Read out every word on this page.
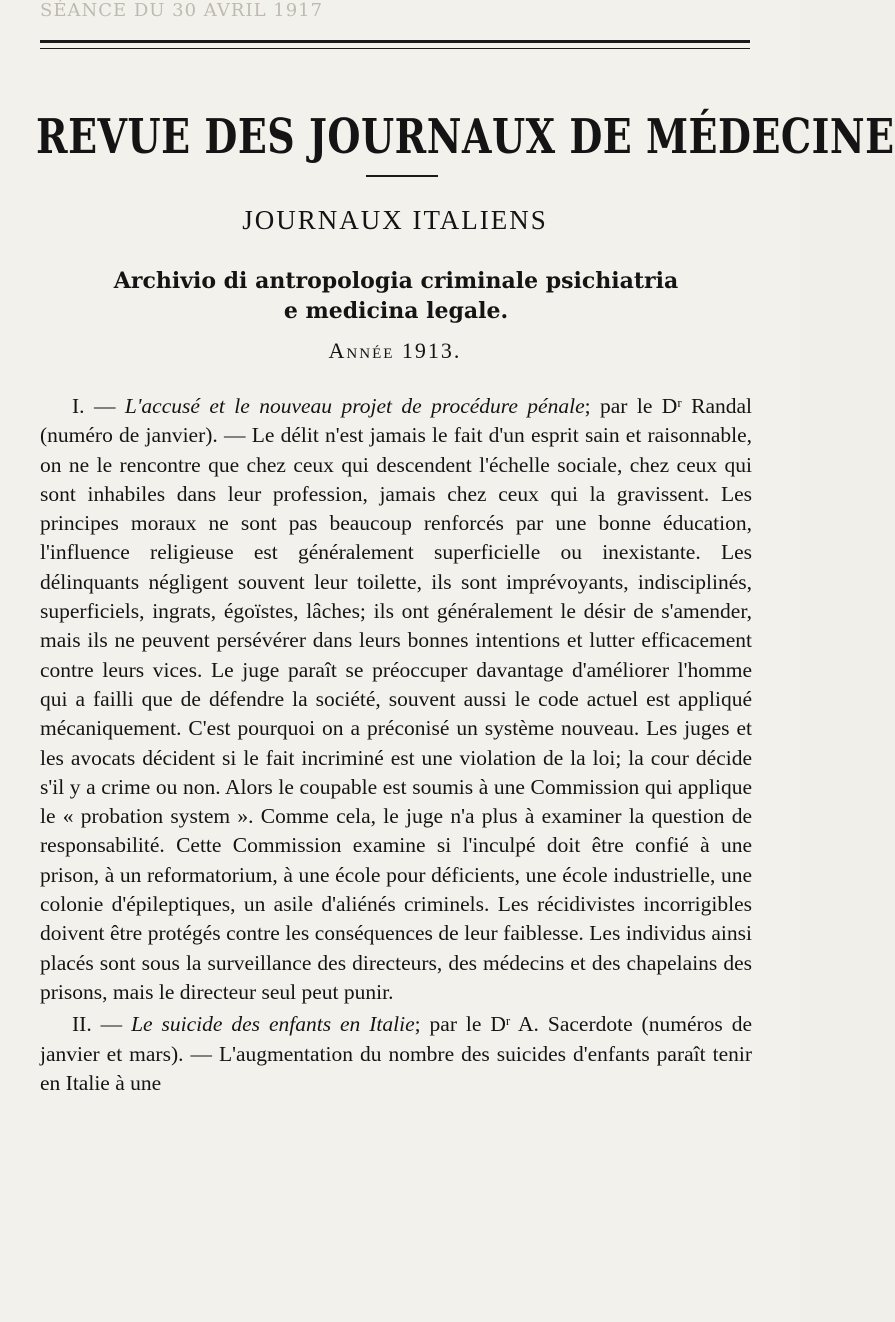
SÉANCE DU 30 AVRIL 1917
REVUE DES JOURNAUX DE MÉDECINE
JOURNAUX ITALIENS
Archivio di antropologia criminale psichiatria
e medicina legale.
Année 1913.

I. — L'accusé et le nouveau projet de procédure pénale; par le $D^r$ Randal (numéro de janvier). — Le délit n'est jamais le fait d'un esprit sain et raisonnable, on ne le rencontre que chez ceux qui descendent l'échelle sociale, chez ceux qui sont inhabiles dans leur profession, jamais chez ceux qui la gravissent. Les principes moraux ne sont pas beaucoup renforcés par une bonne éducation, l'influence religieuse est généralement superficielle ou inexistante. Les délinquants négligent souvent leur toilette, ils sont imprévoyants, indisciplinés, superficiels, ingrats, égoïstes, lâches; ils ont généralement le désir de s'amender, mais ils ne peuvent persévérer dans leurs bonnes intentions et lutter efficacement contre leurs vices. Le juge paraît se préoccuper davantage d'améliorer l'homme qui a failli que de défendre la société, souvent aussi le code actuel est appliqué mécaniquement. C'est pourquoi on a préconisé un système nouveau. Les juges et les avocats décident si le fait incriminé est une violation de la loi; la cour décide s'il y a crime ou non. Alors le coupable est soumis à une Commission qui applique le « probation system ». Comme cela, le juge n'a plus à examiner la question de responsabilité. Cette Commission examine si l'inculpé doit être confié à une prison, à un reformatorium, à une école pour déficients, une école industrielle, une colonie d'épileptiques, un asile d'aliénés criminels. Les récidivistes incorrigibles doivent être protégés contre les conséquences de leur faiblesse. Les individus ainsi placés sont sous la surveillance des directeurs, des médecins et des chapelains des prisons, mais le directeur seul peut punir.

II. — Le suicide des enfants en Italie; par le $D^r$ A. Sacerdote (numéros de janvier et mars). — L'augmentation du nombre des suicides d'enfants paraît tenir en Italie à une
